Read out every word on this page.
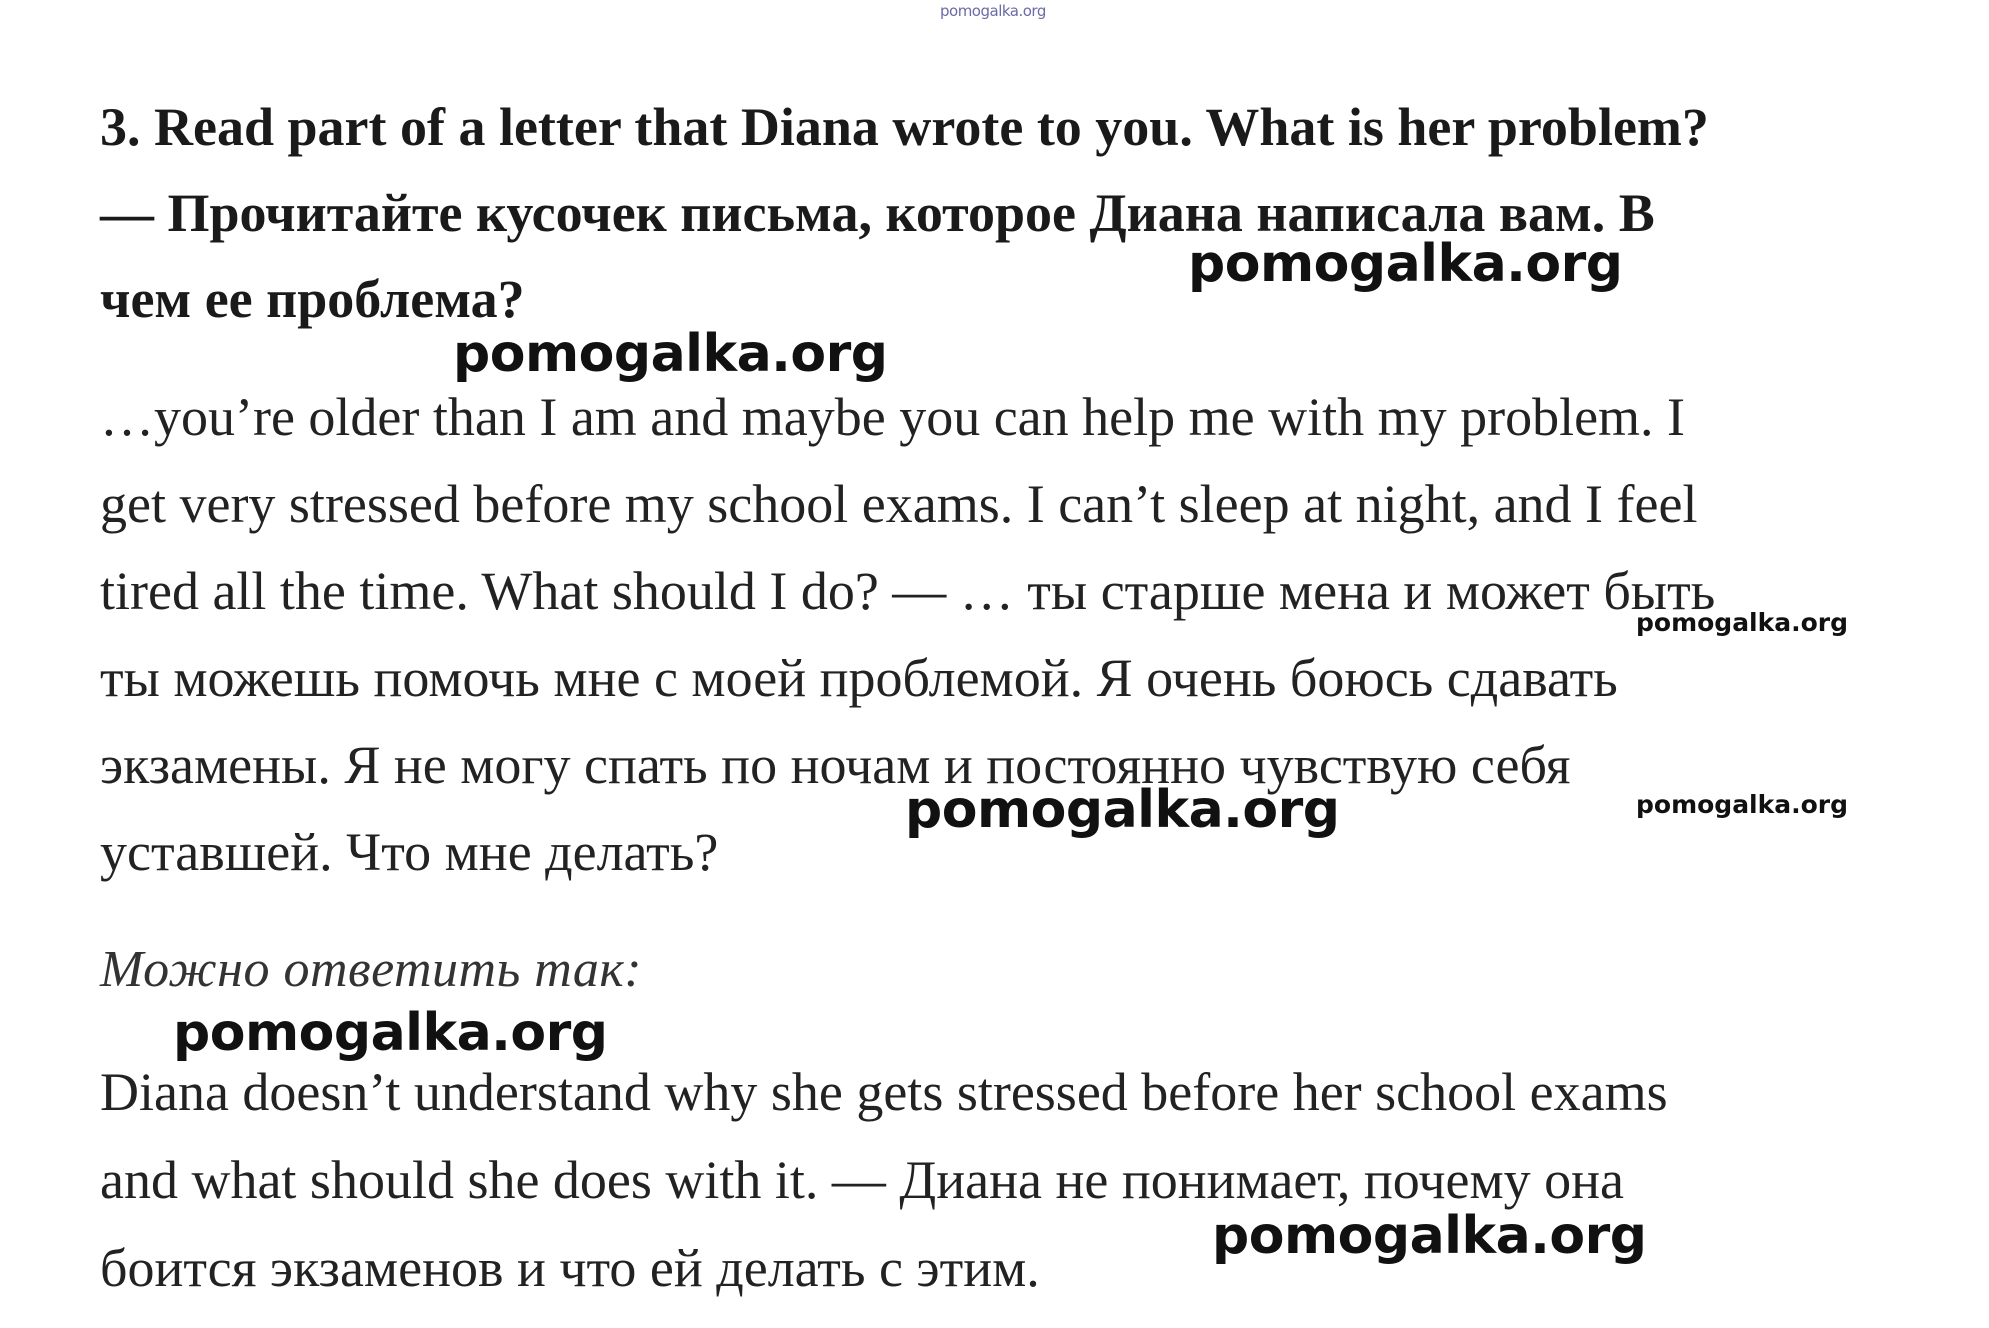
pomogalka.org
3. Read part of a letter that Diana wrote to you. What is her problem?
— Прочитайте кусочек письма, которое Диана написала вам. В
чем ее проблема?
…you’re older than I am and maybe you can help me with my problem. I
get very stressed before my school exams. I can’t sleep at night, and I feel
tired all the time. What should I do? — … ты старше мена и может быть
ты можешь помочь мне с моей проблемой. Я очень боюсь сдавать
экзамены. Я не могу спать по ночам и постоянно чувствую себя
уставшей. Что мне делать?
Можно ответить так:
Diana doesn’t understand why she gets stressed before her school exams
and what should she does with it. — Диана не понимает, почему она
боится экзаменов и что ей делать с этим.
pomogalka.org
pomogalka.org
pomogalka.org
pomogalka.org	pomogalka.org
pomogalka.org
pomogalka.org
